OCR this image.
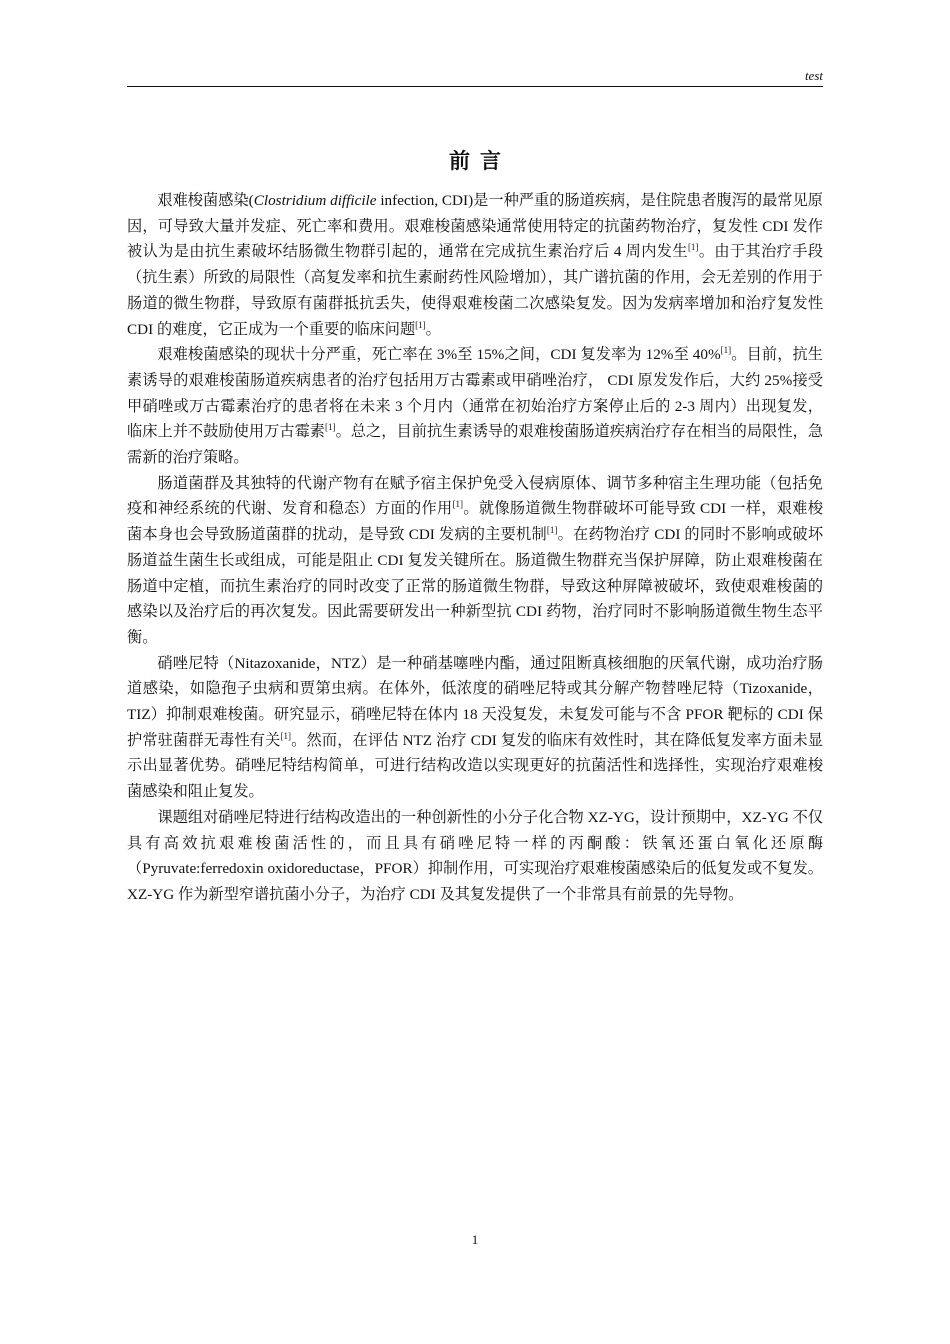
test
前言

艰难梭菌感染(Clostridium difficile infection, CDI)是一种严重的肠道疾病，是住院患者腹泻的最常见原因，可导致大量并发症、死亡率和费用。艰难梭菌感染通常使用特定的抗菌药物治疗，复发性 CDI 发作被认为是由抗生素破坏结肠微生物群引起的，通常在完成抗生素治疗后 4 周内发生[1]。由于其治疗手段（抗生素）所致的局限性（高复发率和抗生素耐药性风险增加），其广谱抗菌的作用，会无差别的作用于肠道的微生物群，导致原有菌群抵抗丢失，使得艰难梭菌二次感染复发。因为发病率增加和治疗复发性 CDI 的难度，它正成为一个重要的临床问题[1]。

艰难梭菌感染的现状十分严重，死亡率在 3%至 15%之间，CDI 复发率为 12%至 40%[1]。目前，抗生素诱导的艰难梭菌肠道疾病患者的治疗包括用万古霉素或甲硝唑治疗， CDI 原发发作后，大约 25%接受甲硝唑或万古霉素治疗的患者将在未来 3 个月内（通常在初始治疗方案停止后的 2-3 周内）出现复发，临床上并不鼓励使用万古霉素[1]。总之，目前抗生素诱导的艰难梭菌肠道疾病治疗存在相当的局限性，急需新的治疗策略。

肠道菌群及其独特的代谢产物有在赋予宿主保护免受入侵病原体、调节多种宿主生理功能（包括免疫和神经系统的代谢、发育和稳态）方面的作用[1]。就像肠道微生物群破坏可能导致 CDI 一样，艰难梭菌本身也会导致肠道菌群的扰动，是导致 CDI 发病的主要机制[1]。在药物治疗 CDI 的同时不影响或破坏肠道益生菌生长或组成，可能是阻止 CDI 复发关键所在。肠道微生物群充当保护屏障，防止艰难梭菌在肠道中定植，而抗生素治疗的同时改变了正常的肠道微生物群，导致这种屏障被破坏，致使艰难梭菌的感染以及治疗后的再次复发。因此需要研发出一种新型抗 CDI 药物，治疗同时不影响肠道微生物生态平衡。

硝唑尼特（Nitazoxanide，NTZ）是一种硝基噻唑内酯，通过阻断真核细胞的厌氧代谢，成功治疗肠道感染，如隐孢子虫病和贾第虫病。在体外，低浓度的硝唑尼特或其分解产物替唑尼特（Tizoxanide，TIZ）抑制艰难梭菌。研究显示，硝唑尼特在体内 18 天没复发，未复发可能与不含 PFOR 靶标的 CDI 保护常驻菌群无毒性有关[1]。然而，在评估 NTZ 治疗 CDI 复发的临床有效性时，其在降低复发率方面未显示出显著优势。硝唑尼特结构简单，可进行结构改造以实现更好的抗菌活性和选择性，实现治疗艰难梭菌感染和阻止复发。

课题组对硝唑尼特进行结构改造出的一种创新性的小分子化合物 XZ-YG，设计预期中，XZ-YG 不仅具有高效抗艰难梭菌活性的，而且具有硝唑尼特一样的丙酮酸：铁氧还蛋白氧化还原酶（Pyruvate:ferredoxin oxidoreductase，PFOR）抑制作用，可实现治疗艰难梭菌感染后的低复发或不复发。XZ-YG 作为新型窄谱抗菌小分子，为治疗 CDI 及其复发提供了一个非常具有前景的先导物。

1
